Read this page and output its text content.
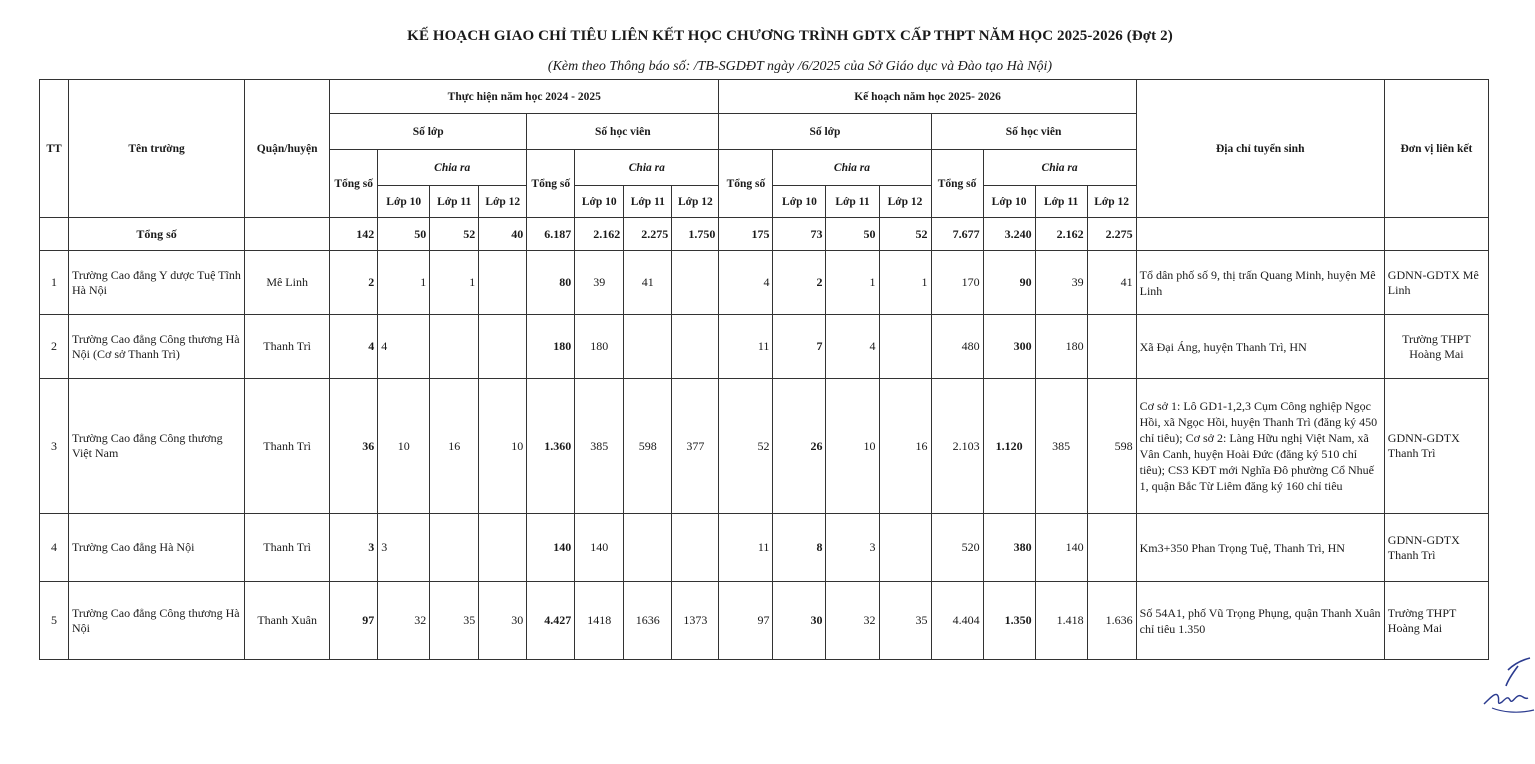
KẾ HOẠCH GIAO CHỈ TIÊU LIÊN KẾT HỌC CHƯƠNG TRÌNH GDTX CẤP THPT NĂM HỌC 2025-2026 (Đợt 2)
(Kèm theo Thông báo số: /TB-SGDĐT ngày /6/2025 của Sở Giáo dục và Đào tạo Hà Nội)
TT	Tên trường	Quận/huyện	Thực hiện năm học 2024 - 2025								Kế hoạch năm học 2025- 2026								Địa chỉ tuyển sinh	Đơn vị liên kết
			Số lớp				Số học viên				Số lớp				Số học viên					
			Tổng số	Chia ra			Tổng số	Chia ra			Tổng số	Chia ra			Tổng số	Chia ra				
				Lớp 10	Lớp 11	Lớp 12		Lớp 10	Lớp 11	Lớp 12		Lớp 10	Lớp 11	Lớp 12		Lớp 10	Lớp 11	Lớp 12		
	Tổng số		142	50	52	40	6.187	2.162	2.275	1.750	175	73	50	52	7.677	3.240	2.162	2.275		
1	Trường Cao đẳng Y dược Tuệ Tĩnh Hà Nội	Mê Linh	2	1	1		80	39	41		4	2	1	1	170	90	39	41	Tổ dân phố số 9, thị trấn Quang Minh, huyện Mê Linh	GDNN-GDTX Mê Linh
2	Trường Cao đẳng Công thương Hà Nội (Cơ sở Thanh Trì)	Thanh Trì	4	4			180	180			11	7	4		480	300	180		Xã Đại Áng, huyện Thanh Trì, HN	Trường THPT Hoàng Mai
3	Trường Cao đẳng Công thương Việt Nam	Thanh Trì	36	10	16	10	1.360	385	598	377	52	26	10	16	2.103	1.120	385	598	Cơ sở 1: Lô GD1-1,2,3 Cụm Công nghiệp Ngọc Hồi, xã Ngọc Hồi, huyện Thanh Trì (đăng ký 450 chỉ tiêu); Cơ sở 2: Làng Hữu nghị Việt Nam, xã Vân Canh, huyện Hoài Đức (đăng ký 510 chỉ tiêu); CS3 KĐT mới Nghĩa Đô phường Cổ Nhuế 1, quận Bắc Từ Liêm đăng ký 160 chỉ tiêu	GDNN-GDTX Thanh Trì
4	Trường Cao đẳng Hà Nội	Thanh Trì	3	3			140	140			11	8	3		520	380	140		Km3+350 Phan Trọng Tuệ, Thanh Trì, HN	GDNN-GDTX Thanh Trì
5	Trường Cao đẳng Công thương Hà Nội	Thanh Xuân	97	32	35	30	4.427	1418	1636	1373	97	30	32	35	4.404	1.350	1.418	1.636	Số 54A1, phố Vũ Trọng Phụng, quận Thanh Xuân chỉ tiêu 1.350	Trường THPT Hoàng Mai
